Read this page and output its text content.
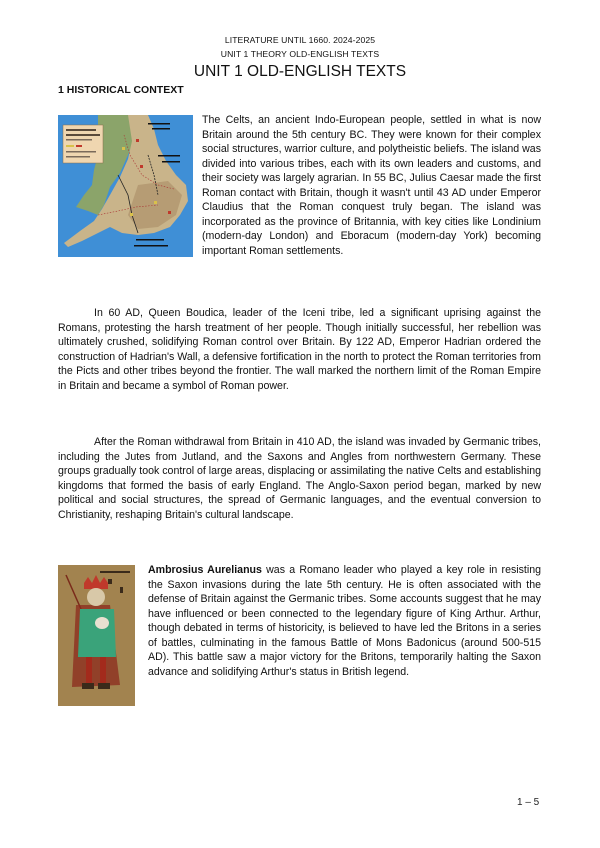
LITERATURE UNTIL 1660. 2024-2025
UNIT 1 THEORY OLD-ENGLISH TEXTS
UNIT 1 OLD-ENGLISH TEXTS
1 HISTORICAL CONTEXT
The Celts, an ancient Indo-European people, settled in what is now Britain around the 5th century BC. They were known for their complex social structures, warrior culture, and polytheistic beliefs. The island was divided into various tribes, each with its own leaders and customs, and their society was largely agrarian. In 55 BC, Julius Caesar made the first Roman contact with Britain, though it wasn't until 43 AD under Emperor Claudius that the Roman conquest truly began. The island was incorporated as the province of Britannia, with key cities like Londinium (modern-day London) and Eboracum (modern-day York) becoming important Roman settlements.
In 60 AD, Queen Boudica, leader of the Iceni tribe, led a significant uprising against the Romans, protesting the harsh treatment of her people. Though initially successful, her rebellion was ultimately crushed, solidifying Roman control over Britain. By 122 AD, Emperor Hadrian ordered the construction of Hadrian's Wall, a defensive fortification in the north to protect the Roman territories from the Picts and other tribes beyond the frontier. The wall marked the northern limit of the Roman Empire in Britain and became a symbol of Roman power.
After the Roman withdrawal from Britain in 410 AD, the island was invaded by Germanic tribes, including the Jutes from Jutland, and the Saxons and Angles from northwestern Germany. These groups gradually took control of large areas, displacing or assimilating the native Celts and establishing kingdoms that formed the basis of early England. The Anglo-Saxon period began, marked by new political and social structures, the spread of Germanic languages, and the eventual conversion to Christianity, reshaping Britain's cultural landscape.
Ambrosius Aurelianus was a Romano leader who played a key role in resisting the Saxon invasions during the late 5th century. He is often associated with the defense of Britain against the Germanic tribes. Some accounts suggest that he may have influenced or been connected to the legendary figure of King Arthur. Arthur, though debated in terms of historicity, is believed to have led the Britons in a series of battles, culminating in the famous Battle of Mons Badonicus (around 500-515 AD). This battle saw a major victory for the Britons, temporarily halting the Saxon advance and solidifying Arthur's status in British legend.
1 – 5
